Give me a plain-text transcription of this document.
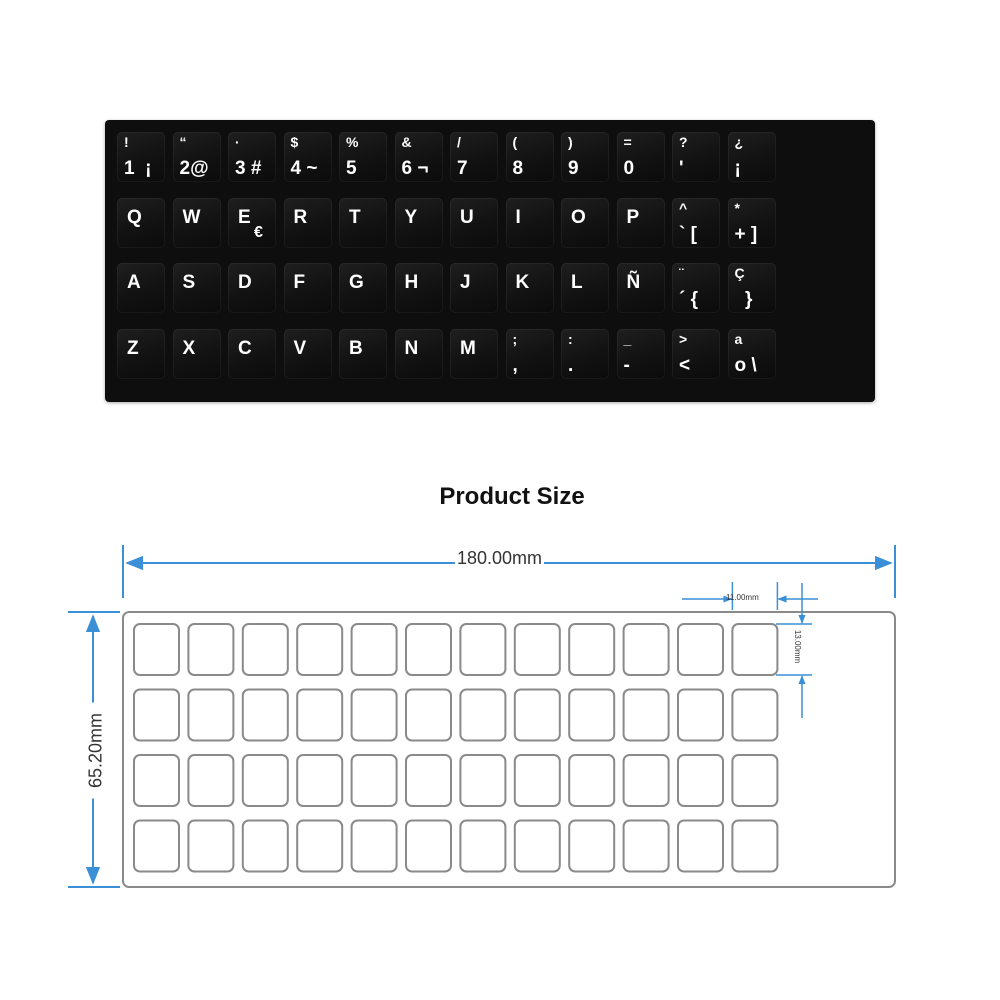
Spanish(ES)(Espanol)
keyboard layout
Anycolor Anylanguage
!
1  ¡
“
2@
·
3 #
$
4 ~
%
5
&
6 ¬
/
7
(
8
)
9
=
0
?
'
¿
¡
Q W E
€
R T Y U I	O P	^
` [
*
+ ]
A S D F G H J K L Ñ	¨
´ {
Ç
}
Z X C V B N M	;
,
:
.
_
-
>
<
a
o \
Product Size
180.00mm
65.20mm
11.00mm
13.00mm
